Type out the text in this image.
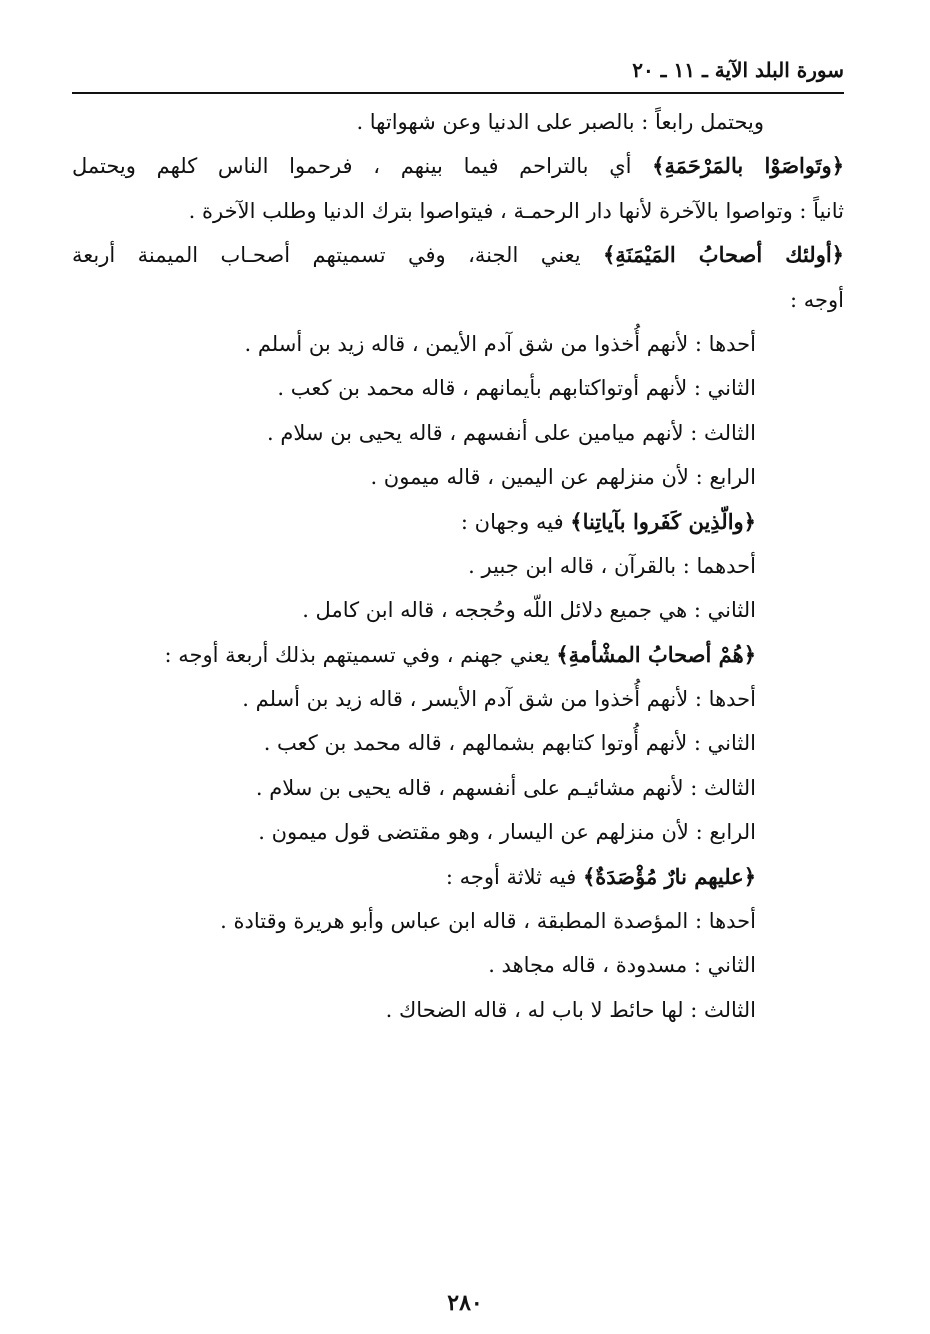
سورة البلد الآية ـ ١١ ـ ٢٠
ويحتمل رابعاً : بالصبر على الدنيا وعن شهواتها .
﴿وتَواصَوْا بالمَرْحَمَةِ﴾ أي بالتراحم فيما بينهم ، فرحموا الناس كلهم ويحتمل
ثانياً : وتواصوا بالآخرة لأنها دار الرحمـة ، فيتواصوا بترك الدنيا وطلب الآخرة .
﴿أولئك أصحابُ المَيْمَنَةِ﴾ يعني الجنة، وفي تسميتهم أصحـاب الميمنة أربعة
أوجه :
أحدها : لأنهم أُخذوا من شق آدم الأيمن ، قاله زيد بن أسلم .
الثاني : لأنهم أوتواكتابهم بأيمانهم ، قاله محمد بن كعب .
الثالث : لأنهم ميامين على أنفسهم ، قاله يحيى بن سلام .
الرابع : لأن منزلهم عن اليمين ، قاله ميمون .
﴿والّذِين كَفَروا بآياتِنا﴾ فيه وجهان :
أحدهما : بالقرآن ، قاله ابن جبير .
الثاني : هي جميع دلائل اللّه وحُججه ، قاله ابن كامل .
﴿هُمْ أصحابُ المشْأمةِ﴾ يعني جهنم ، وفي تسميتهم بذلك أربعة أوجه :
أحدها : لأنهم أُخذوا من شق آدم الأيسر ، قاله زيد بن أسلم .
الثاني : لأنهم أُوتوا كتابهم بشمالهم ، قاله محمد بن كعب .
الثالث : لأنهم مشائيـم على أنفسهم ، قاله يحيى بن سلام .
الرابع : لأن منزلهم عن اليسار ، وهو مقتضى قول ميمون .
﴿عليهم نارٌ مُؤْصَدَةٌ﴾ فيه ثلاثة أوجه :
أحدها : المؤصدة المطبقة ، قاله ابن عباس وأبو هريرة وقتادة .
الثاني : مسدودة ، قاله مجاهد .
الثالث : لها حائط لا باب له ، قاله الضحاك .
٢٨٠
